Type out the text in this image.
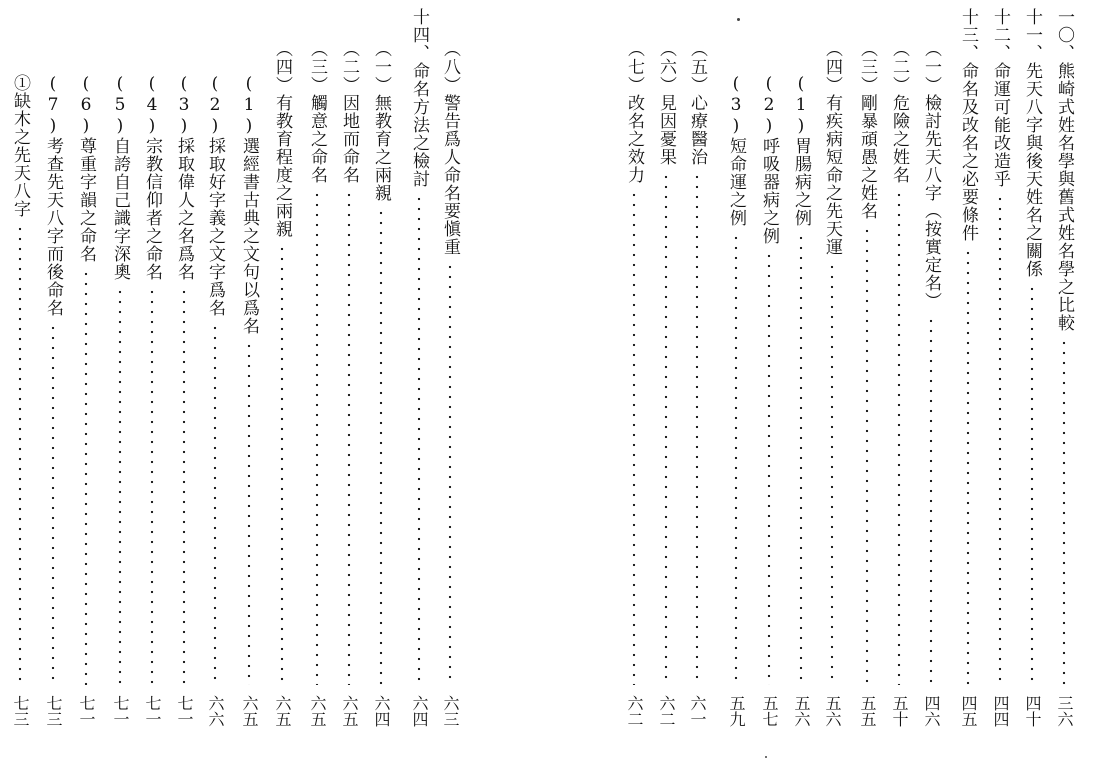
一〇、熊崎式姓名學與舊式姓名學之比較
三六
十一、先天八字與後天姓名之關係
四十
十二、命運可能改造乎
四四
十三、命名及改名之必要條件
四五
（一）檢討先天八字（按實定名）
四六
（二）危險之姓名
五十
（三）剛暴頑愚之姓名
五五
（四）有疾病短命之先天運
五六
(1)胃腸病之例
五六
(2)呼吸器病之例
五七
(3)短命運之例
五九
（五）心療醫治
六一
（六）見因憂果
六二
（七）改名之效力
六二
（八）警告爲人命名要愼重
六三
十四、命名方法之檢討
六四
（一）無教育之兩親
六四
（二）因地而命名
六五
（三）觸意之命名
六五
（四）有教育程度之兩親
六五
(1)選經書古典之文句以爲名
六五
(2)採取好字義之文字爲名
六六
(3)採取偉人之名爲名
七一
(4)宗教信仰者之命名
七一
(5)自誇自己識字深奧
七一
(6)尊重字韻之命名
七一
(7)考查先天八字而後命名
七三
①缺木之先天八字
七三
